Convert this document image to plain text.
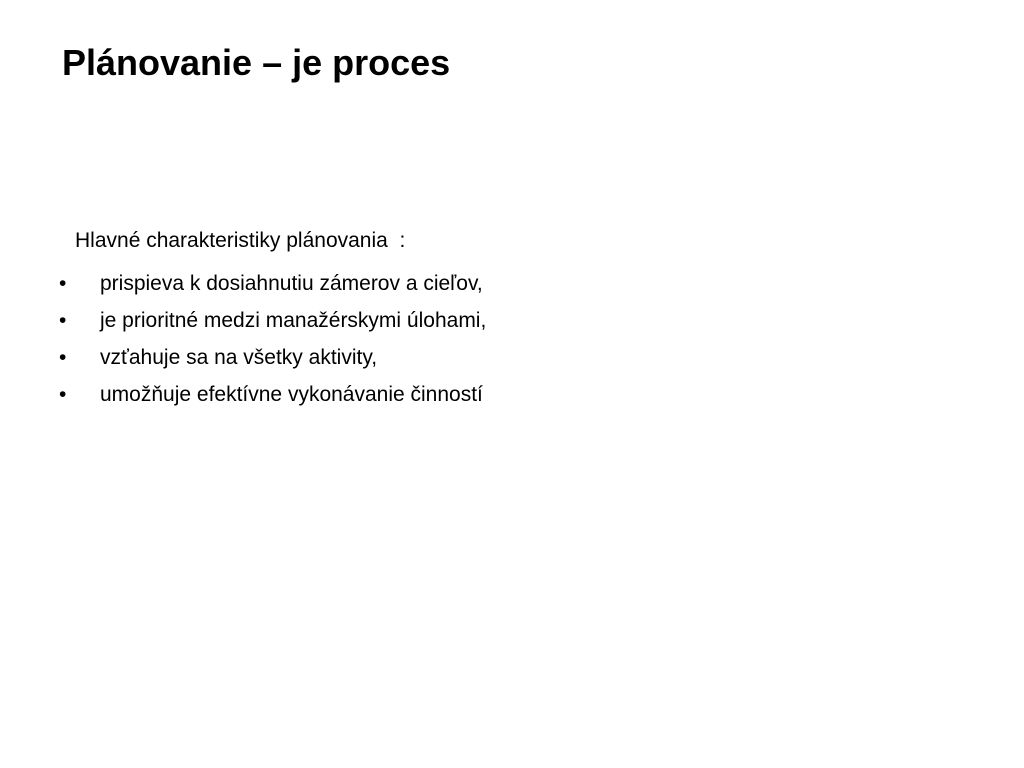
Plánovanie – je proces

Hlavné charakteristiky plánovania  :

• prispieva k dosiahnutiu zámerov a cieľov,
• je prioritné medzi manažérskymi úlohami,
• vzťahuje sa na všetky aktivity,
• umožňuje efektívne vykonávanie činností
